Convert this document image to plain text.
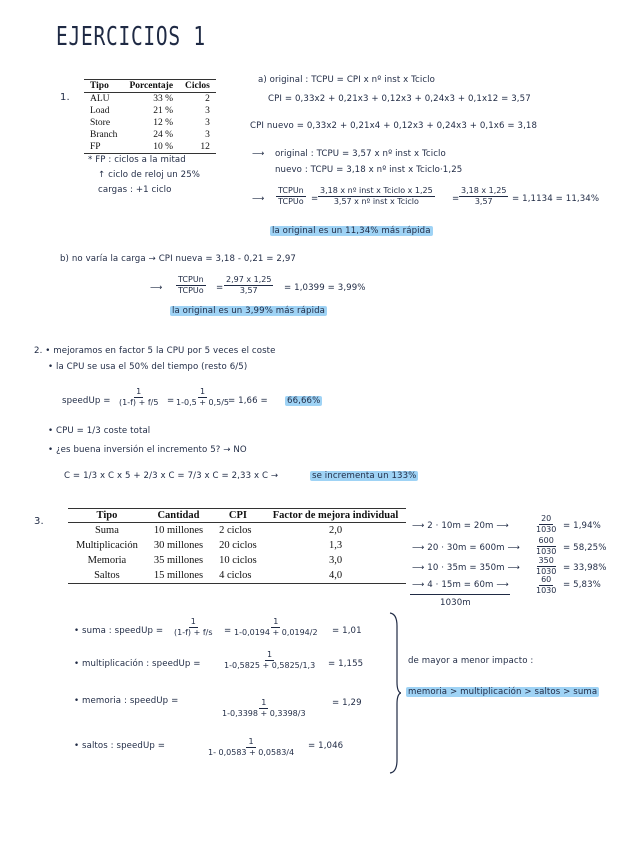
EJERCICIOS 1
1.
Tipo	Porcentaje	Ciclos
ALU	33 %	2
Load	21 %	3
Store	12 %	3
Branch	24 %	3
FP	10 %	12
* FP : ciclos a la mitad
↑ ciclo de reloj un 25%
cargas : +1 ciclo
a) original : TCPU = CPI x nº inst x Tciclo
CPI = 0,33x2 + 0,21x3 + 0,12x3 + 0,24x3 + 0,1x12 = 3,57
CPI nuevo = 0,33x2 + 0,21x4 + 0,12x3 + 0,24x3 + 0,1x6 = 3,18
⟶ original : TCPU = 3,57 x nº inst x Tciclo
nuevo : TCPU = 3,18 x nº inst x Tciclo·1,25
⟶
TCPUn
TCPUo =
3,18 x nº inst x Tciclo x 1,25
3,57 x nº inst x Tciclo	= $\frac{3,18 x 1,25}{3,57} = 1,1134 = 11,34\%$
la original es un 11,34% más rápida
b) no varía la carga → CPI nueva = 3,18 - 0,21 = 2,97
⟶
TCPUn
TCPUo = $\frac{2,97 x 1,25}{3,57} = 1,0399 = 3,99\%$
la original es un 3,99% más rápida
2. • mejoramos en factor 5 la CPU por 5 veces el coste
• la CPU se usa el 50% del tiempo (resto 6/5)
speedUp = $\frac{1}{(1-f) + f/5} = \frac{1}{1-0,5 + 0,5/5}$
= 1,66 = 66,66%
• CPU = 1/3 coste total
• ¿es buena inversión el incremento 5? → NO
C = 1/3 x C x 5 + 2/3 x C = 7/3 x C = 2,33 x C →	se incrementa un 133%
3.
Tipo	Cantidad	CPI	Factor de mejora individual
Suma	10 millones	2 ciclos	2,0
Multiplicación	30 millones	20 ciclos	1,3
Memoria	35 millones	10 ciclos	3,0
Saltos	15 millones	4 ciclos	4,0
⟶ 2 · 10m = 20m ⟶	$\frac{20}{1030} = 1,94\%$
⟶ 20 · 30m = 600m ⟶ $\frac{600}{1030} = 58,25\%$
⟶ 10 · 35m = 350m ⟶ $\frac{350}{1030} = 33,98\%$
⟶ 4 · 15m = 60m ⟶	$\frac{60}{1030} = 5,83\%$
1030m
• suma : speedUp = $\frac{1}{(1-f) + f/s} = \frac{1}{1-0,0194 + 0,0194/2} = 1,01$
• multiplicación : speedUp =	$\frac{1}{1-0,5825 + 0,5825/1,3} = 1,155$
• memoria : speedUp =	$\frac{1}{1-0,3398 + 0,3398/3}$	= 1,29
• saltos : speedUp =	$\frac{1}{1- 0,0583 + 0,0583/4} = 1,046$
de mayor a menor impacto :
memoria > multiplicación > saltos > suma
